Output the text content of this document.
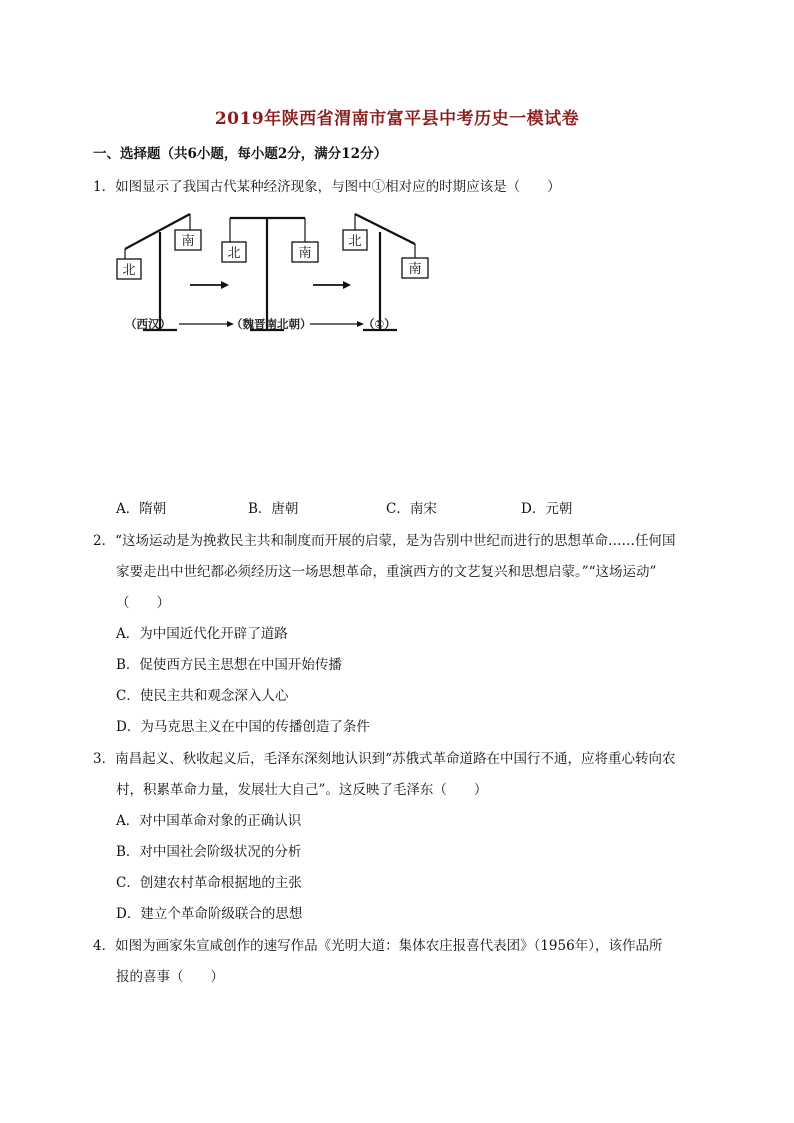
2019年陕西省渭南市富平县中考历史一模试卷
一、选择题（共6小题，每小题2分，满分12分）
1．如图显示了我国古代某种经济现象，与图中①相对应的时期应该是（　　）
北
南
北	南
北
南
（西汉）	（魏晋南北朝）	（①）
A．隋朝	B．唐朝	C．南宋	D．元朝
2．“这场运动是为挽救民主共和制度而开展的启蒙，是为告别中世纪而进行的思想革命……任何国
家要走出中世纪都必须经历这一场思想革命，重演西方的文艺复兴和思想启蒙。”“这场运动”
（　　）
A．为中国近代化开辟了道路
B．促使西方民主思想在中国开始传播
C．使民主共和观念深入人心
D．为马克思主义在中国的传播创造了条件
3．南昌起义、秋收起义后，毛泽东深刻地认识到“苏俄式革命道路在中国行不通，应将重心转向农
村，积累革命力量，发展壮大自己”。这反映了毛泽东（　　）
A．对中国革命对象的正确认识
B．对中国社会阶级状况的分析
C．创建农村革命根据地的主张
D．建立个革命阶级联合的思想
4．如图为画家朱宣咸创作的速写作品《光明大道：集体农庄报喜代表团》（1956年），该作品所
报的喜事（　　）
